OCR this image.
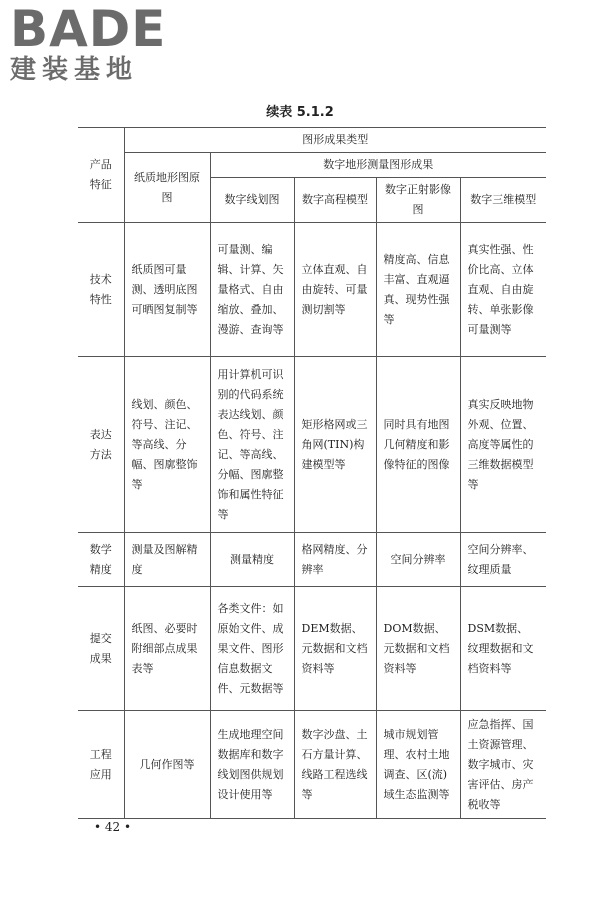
BADE
建装基地
续表 5.1.2
产品特征	图形成果类型				
	纸质地形图原图	数字地形测量图形成果			
		数字线划图	数字高程模型	数字正射影像图	数字三维模型
技术特性	纸质图可量测、透明底图可晒图复制等	可量测、编辑、计算、矢量格式、自由缩放、叠加、漫游、查询等	立体直观、自由旋转、可量测切割等	精度高、信息丰富、直观逼真、现势性强等	真实性强、性价比高、立体直观、自由旋转、单张影像可量测等
表达方法	线划、颜色、符号、注记、等高线、分幅、图廓整饰等	用计算机可识别的代码系统表达线划、颜色、符号、注记、等高线、分幅、图廓整饰和属性特征等	矩形格网或三角网(TIN)构建模型等	同时具有地图几何精度和影像特征的图像	真实反映地物外观、位置、高度等属性的三维数据模型等
数学精度	测量及图解精度	测量精度	格网精度、分辨率	空间分辨率	空间分辨率、纹理质量
提交成果	纸图、必要时附细部点成果表等	各类文件：如原始文件、成果文件、图形信息数据文件、元数据等	DEM数据、元数据和文档资料等	DOM数据、元数据和文档资料等	DSM数据、纹理数据和文档资料等
工程应用	几何作图等	生成地理空间数据库和数字线划图供规划设计使用等	数字沙盘、土石方量计算、线路工程选线等	城市规划管理、农村土地调查、区(流)域生态监测等	应急指挥、国土资源管理、数字城市、灾害评估、房产税收等
• 42 •
